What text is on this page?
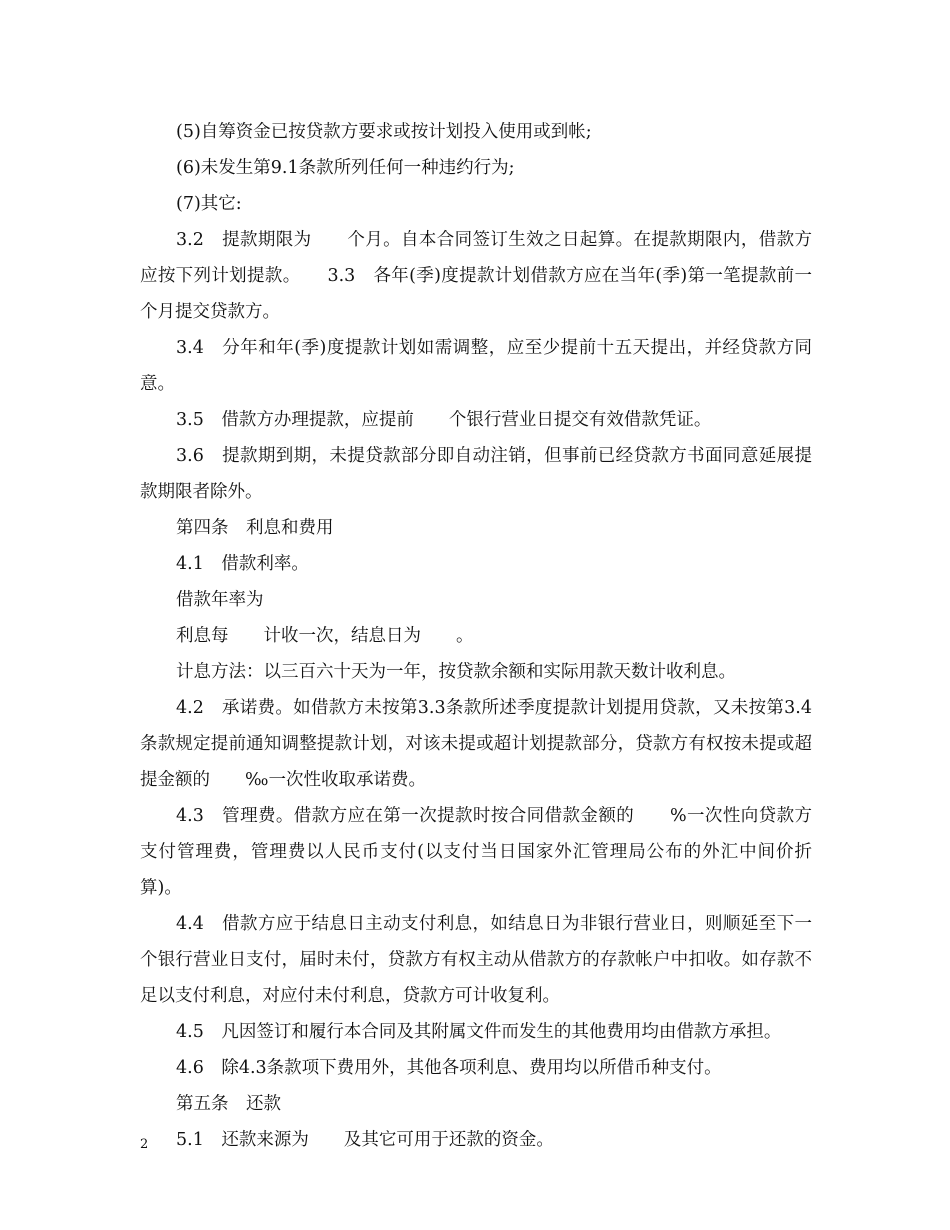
(5)自筹资金已按贷款方要求或按计划投入使用或到帐;

(6)未发生第9.1条款所列任何一种违约行为;

(7)其它:

3.2　提款期限为　　个月。自本合同签订生效之日起算。在提款期限内，借款方应按下列计划提款。　　3.3　各年(季)度提款计划借款方应在当年(季)第一笔提款前一个月提交贷款方。

3.4　分年和年(季)度提款计划如需调整，应至少提前十五天提出，并经贷款方同意。

3.5　借款方办理提款，应提前　　个银行营业日提交有效借款凭证。

3.6　提款期到期，未提贷款部分即自动注销，但事前已经贷款方书面同意延展提款期限者除外。

第四条　利息和费用

4.1　借款利率。

借款年率为

利息每　　计收一次，结息日为　　。

计息方法：以三百六十天为一年，按贷款余额和实际用款天数计收利息。

4.2　承诺费。如借款方未按第3.3条款所述季度提款计划提用贷款，又未按第3.4条款规定提前通知调整提款计划，对该未提或超计划提款部分，贷款方有权按未提或超提金额的　　‰一次性收取承诺费。

4.3　管理费。借款方应在第一次提款时按合同借款金额的　　%一次性向贷款方支付管理费，管理费以人民币支付(以支付当日国家外汇管理局公布的外汇中间价折算)。

4.4　借款方应于结息日主动支付利息，如结息日为非银行营业日，则顺延至下一个银行营业日支付，届时未付，贷款方有权主动从借款方的存款帐户中扣收。如存款不足以支付利息，对应付未付利息，贷款方可计收复利。

4.5　凡因签订和履行本合同及其附属文件而发生的其他费用均由借款方承担。

4.6　除4.3条款项下费用外，其他各项利息、费用均以所借币种支付。

第五条　还款

5.1　还款来源为　　及其它可用于还款的资金。

2
